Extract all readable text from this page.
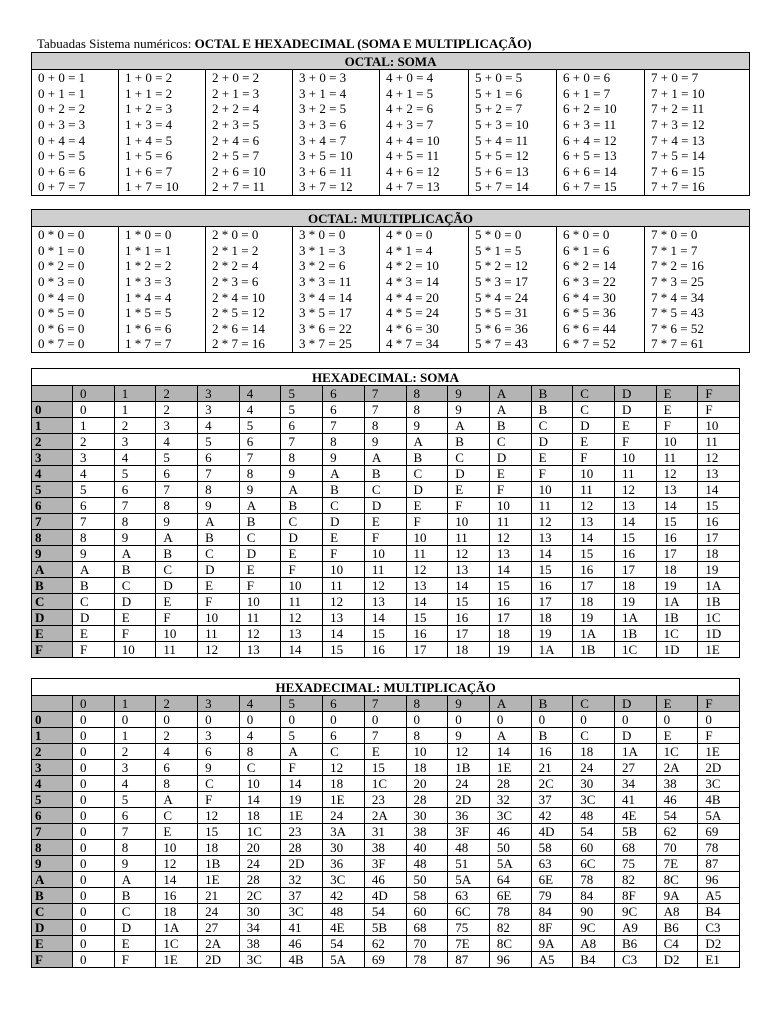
Tabuadas Sistema numéricos: OCTAL E HEXADECIMAL (SOMA E MULTIPLICAÇÃO)
OCTAL: SOMA							
0 + 0 = 1	1 + 0 = 2	2 + 0 = 2	3 + 0 = 3	4 + 0 = 4	5 + 0 = 5	6 + 0 = 6	7 + 0 = 7
0 + 1 = 1	1 + 1 = 2	2 + 1 = 3	3 + 1 = 4	4 + 1 = 5	5 + 1 = 6	6 + 1 = 7	7 + 1 = 10
0 + 2 = 2	1 + 2 = 3	2 + 2 = 4	3 + 2 = 5	4 + 2 = 6	5 + 2 = 7	6 + 2 = 10	7 + 2 = 11
0 + 3 = 3	1 + 3 = 4	2 + 3 = 5	3 + 3 = 6	4 + 3 = 7	5 + 3 = 10	6 + 3 = 11	7 + 3 = 12
0 + 4 = 4	1 + 4 = 5	2 + 4 = 6	3 + 4 = 7	4 + 4 = 10	5 + 4 = 11	6 + 4 = 12	7 + 4 = 13
0 + 5 = 5	1 + 5 = 6	2 + 5 = 7	3 + 5 = 10	4 + 5 = 11	5 + 5 = 12	6 + 5 = 13	7 + 5 = 14
0 + 6 = 6	1 + 6 = 7	2 + 6 = 10	3 + 6 = 11	4 + 6 = 12	5 + 6 = 13	6 + 6 = 14	7 + 6 = 15
0 + 7 = 7	1 + 7 = 10	2 + 7 = 11	3 + 7 = 12	4 + 7 = 13	5 + 7 = 14	6 + 7 = 15	7 + 7 = 16
OCTAL: MULTIPLICAÇÃO							
0 * 0 = 0	1 * 0 = 0	2 * 0 = 0	3 * 0 = 0	4 * 0 = 0	5 * 0 = 0	6 * 0 = 0	7 * 0 = 0
0 * 1 = 0	1 * 1 = 1	2 * 1 = 2	3 * 1 = 3	4 * 1 = 4	5 * 1 = 5	6 * 1 = 6	7 * 1 = 7
0 * 2 = 0	1 * 2 = 2	2 * 2 = 4	3 * 2 = 6	4 * 2 = 10	5 * 2 = 12	6 * 2 = 14	7 * 2 = 16
0 * 3 = 0	1 * 3 = 3	2 * 3 = 6	3 * 3 = 11	4 * 3 = 14	5 * 3 = 17	6 * 3 = 22	7 * 3 = 25
0 * 4 = 0	1 * 4 = 4	2 * 4 = 10	3 * 4 = 14	4 * 4 = 20	5 * 4 = 24	6 * 4 = 30	7 * 4 = 34
0 * 5 = 0	1 * 5 = 5	2 * 5 = 12	3 * 5 = 17	4 * 5 = 24	5 * 5 = 31	6 * 5 = 36	7 * 5 = 43
0 * 6 = 0	1 * 6 = 6	2 * 6 = 14	3 * 6 = 22	4 * 6 = 30	5 * 6 = 36	6 * 6 = 44	7 * 6 = 52
0 * 7 = 0	1 * 7 = 7	2 * 7 = 16	3 * 7 = 25	4 * 7 = 34	5 * 7 = 43	6 * 7 = 52	7 * 7 = 61
HEXADECIMAL: SOMA																
	0	1	2	3	4	5	6	7	8	9	A	B	C	D	E	F
0	0	1	2	3	4	5	6	7	8	9	A	B	C	D	E	F
1	1	2	3	4	5	6	7	8	9	A	B	C	D	E	F	10
2	2	3	4	5	6	7	8	9	A	B	C	D	E	F	10	11
3	3	4	5	6	7	8	9	A	B	C	D	E	F	10	11	12
4	4	5	6	7	8	9	A	B	C	D	E	F	10	11	12	13
5	5	6	7	8	9	A	B	C	D	E	F	10	11	12	13	14
6	6	7	8	9	A	B	C	D	E	F	10	11	12	13	14	15
7	7	8	9	A	B	C	D	E	F	10	11	12	13	14	15	16
8	8	9	A	B	C	D	E	F	10	11	12	13	14	15	16	17
9	9	A	B	C	D	E	F	10	11	12	13	14	15	16	17	18
A	A	B	C	D	E	F	10	11	12	13	14	15	16	17	18	19
B	B	C	D	E	F	10	11	12	13	14	15	16	17	18	19	1A
C	C	D	E	F	10	11	12	13	14	15	16	17	18	19	1A	1B
D	D	E	F	10	11	12	13	14	15	16	17	18	19	1A	1B	1C
E	E	F	10	11	12	13	14	15	16	17	18	19	1A	1B	1C	1D
F	F	10	11	12	13	14	15	16	17	18	19	1A	1B	1C	1D	1E
HEXADECIMAL: MULTIPLICAÇÃO																
	0	1	2	3	4	5	6	7	8	9	A	B	C	D	E	F
0	0	0	0	0	0	0	0	0	0	0	0	0	0	0	0	0
1	0	1	2	3	4	5	6	7	8	9	A	B	C	D	E	F
2	0	2	4	6	8	A	C	E	10	12	14	16	18	1A	1C	1E
3	0	3	6	9	C	F	12	15	18	1B	1E	21	24	27	2A	2D
4	0	4	8	C	10	14	18	1C	20	24	28	2C	30	34	38	3C
5	0	5	A	F	14	19	1E	23	28	2D	32	37	3C	41	46	4B
6	0	6	C	12	18	1E	24	2A	30	36	3C	42	48	4E	54	5A
7	0	7	E	15	1C	23	3A	31	38	3F	46	4D	54	5B	62	69
8	0	8	10	18	20	28	30	38	40	48	50	58	60	68	70	78
9	0	9	12	1B	24	2D	36	3F	48	51	5A	63	6C	75	7E	87
A	0	A	14	1E	28	32	3C	46	50	5A	64	6E	78	82	8C	96
B	0	B	16	21	2C	37	42	4D	58	63	6E	79	84	8F	9A	A5
C	0	C	18	24	30	3C	48	54	60	6C	78	84	90	9C	A8	B4
D	0	D	1A	27	34	41	4E	5B	68	75	82	8F	9C	A9	B6	C3
E	0	E	1C	2A	38	46	54	62	70	7E	8C	9A	A8	B6	C4	D2
F	0	F	1E	2D	3C	4B	5A	69	78	87	96	A5	B4	C3	D2	E1
